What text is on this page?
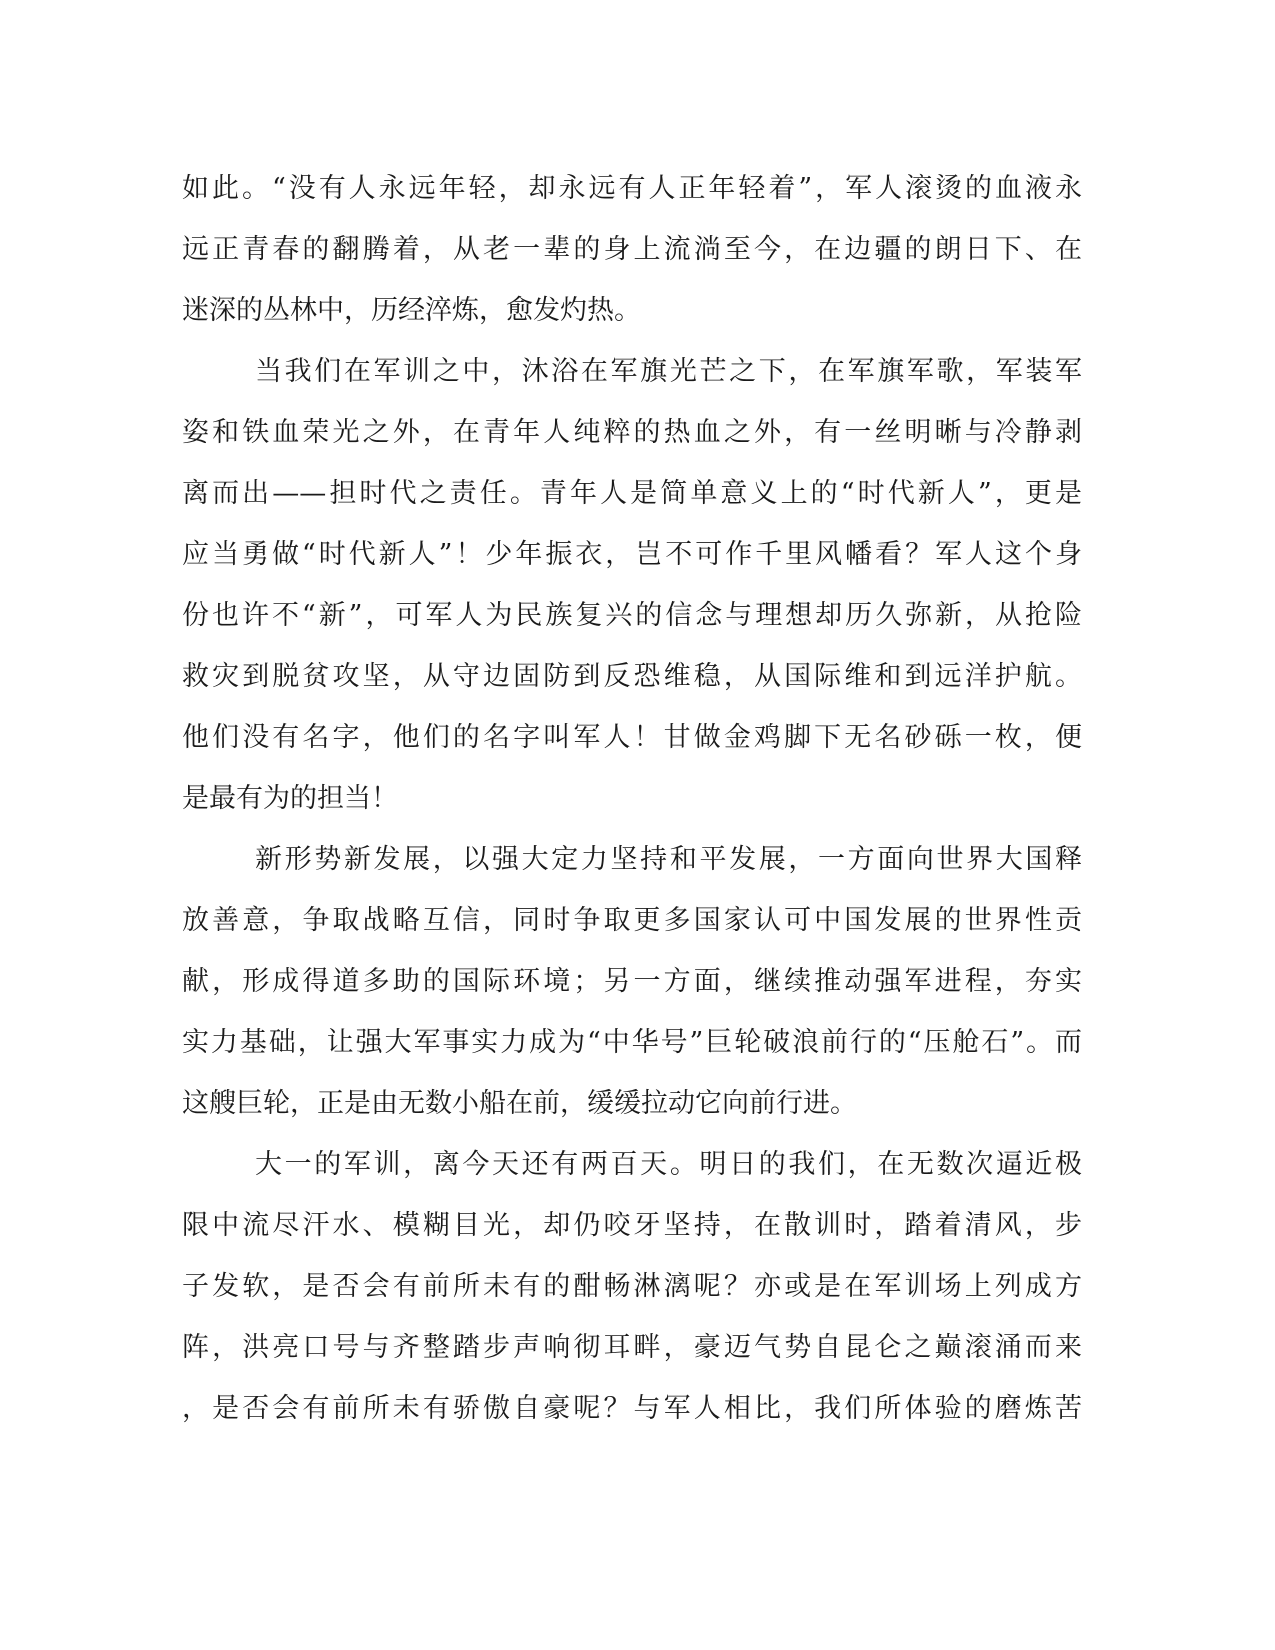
如此。“没有人永远年轻，却永远有人正年轻着”，军人滚烫的血液永
远正青春的翻腾着，从老一辈的身上流淌至今，在边疆的朗日下、在
迷深的丛林中，历经淬炼，愈发灼热。
当我们在军训之中，沐浴在军旗光芒之下，在军旗军歌，军装军
姿和铁血荣光之外，在青年人纯粹的热血之外，有一丝明晰与冷静剥
离而出——担时代之责任。青年人是简单意义上的“时代新人”，更是
应当勇做“时代新人”！少年振衣，岂不可作千里风幡看？军人这个身
份也许不“新”，可军人为民族复兴的信念与理想却历久弥新，从抢险
救灾到脱贫攻坚，从守边固防到反恐维稳，从国际维和到远洋护航。
他们没有名字，他们的名字叫军人！甘做金鸡脚下无名砂砾一枚，便
是最有为的担当！
新形势新发展，以强大定力坚持和平发展，一方面向世界大国释
放善意，争取战略互信，同时争取更多国家认可中国发展的世界性贡
献，形成得道多助的国际环境；另一方面，继续推动强军进程，夯实
实力基础，让强大军事实力成为“中华号”巨轮破浪前行的“压舱石”。而
这艘巨轮，正是由无数小船在前，缓缓拉动它向前行进。
大一的军训，离今天还有两百天。明日的我们，在无数次逼近极
限中流尽汗水、模糊目光，却仍咬牙坚持，在散训时，踏着清风，步
子发软，是否会有前所未有的酣畅淋漓呢？亦或是在军训场上列成方
阵，洪亮口号与齐整踏步声响彻耳畔，豪迈气势自昆仑之巅滚涌而来
，是否会有前所未有骄傲自豪呢？与军人相比，我们所体验的磨炼苦
